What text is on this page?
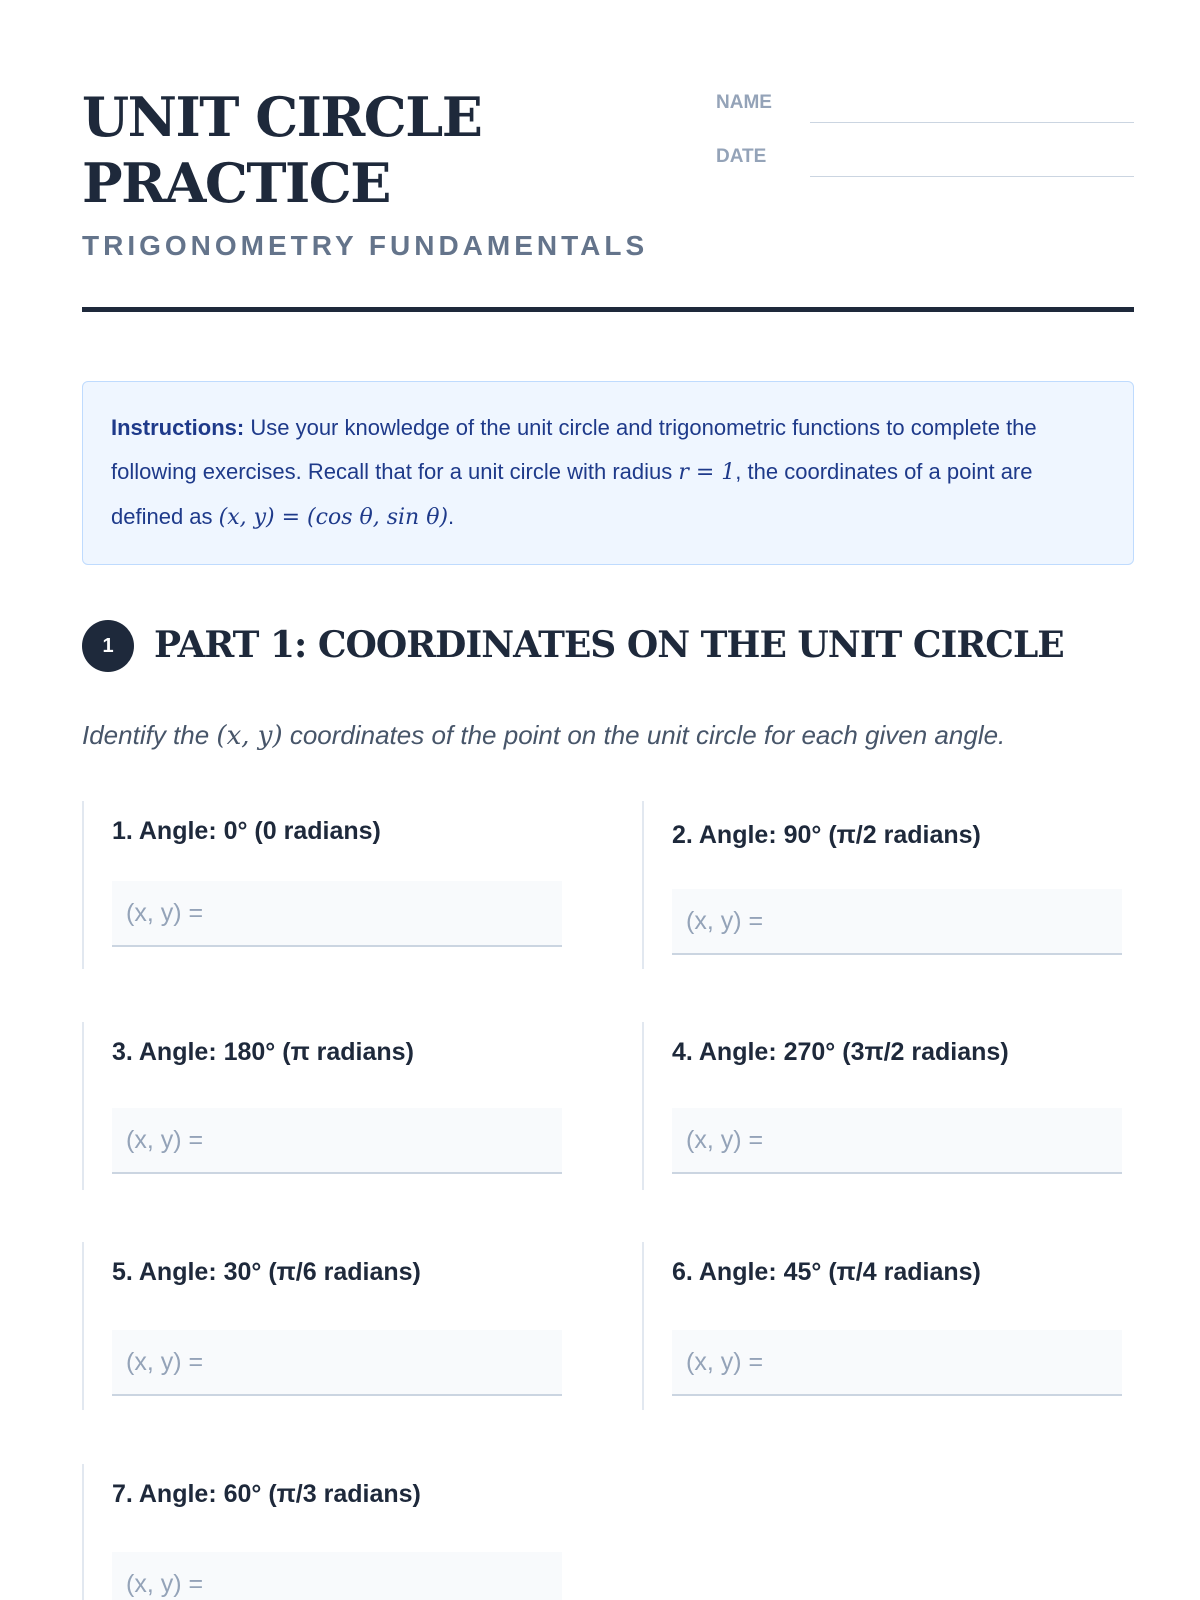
UNIT CIRCLE
PRACTICE
TRIGONOMETRY FUNDAMENTALS
NAME
DATE
Instructions: Use your knowledge of the unit circle and trigonometric functions to complete the following exercises. Recall that for a unit circle with radius r = 1, the coordinates of a point are defined as (x, y) = (cos θ, sin θ).
1	PART 1: COORDINATES ON THE UNIT CIRCLE
Identify the (x, y) coordinates of the point on the unit circle for each given angle.
1. Angle: 0° (0 radians)
(x, y) =
2. Angle: 90° (π/2 radians)
(x, y) =
3. Angle: 180° (π radians)
(x, y) =
4. Angle: 270° (3π/2 radians)
(x, y) =
5. Angle: 30° (π/6 radians)
(x, y) =
6. Angle: 45° (π/4 radians)
(x, y) =
7. Angle: 60° (π/3 radians)
(x, y) =
